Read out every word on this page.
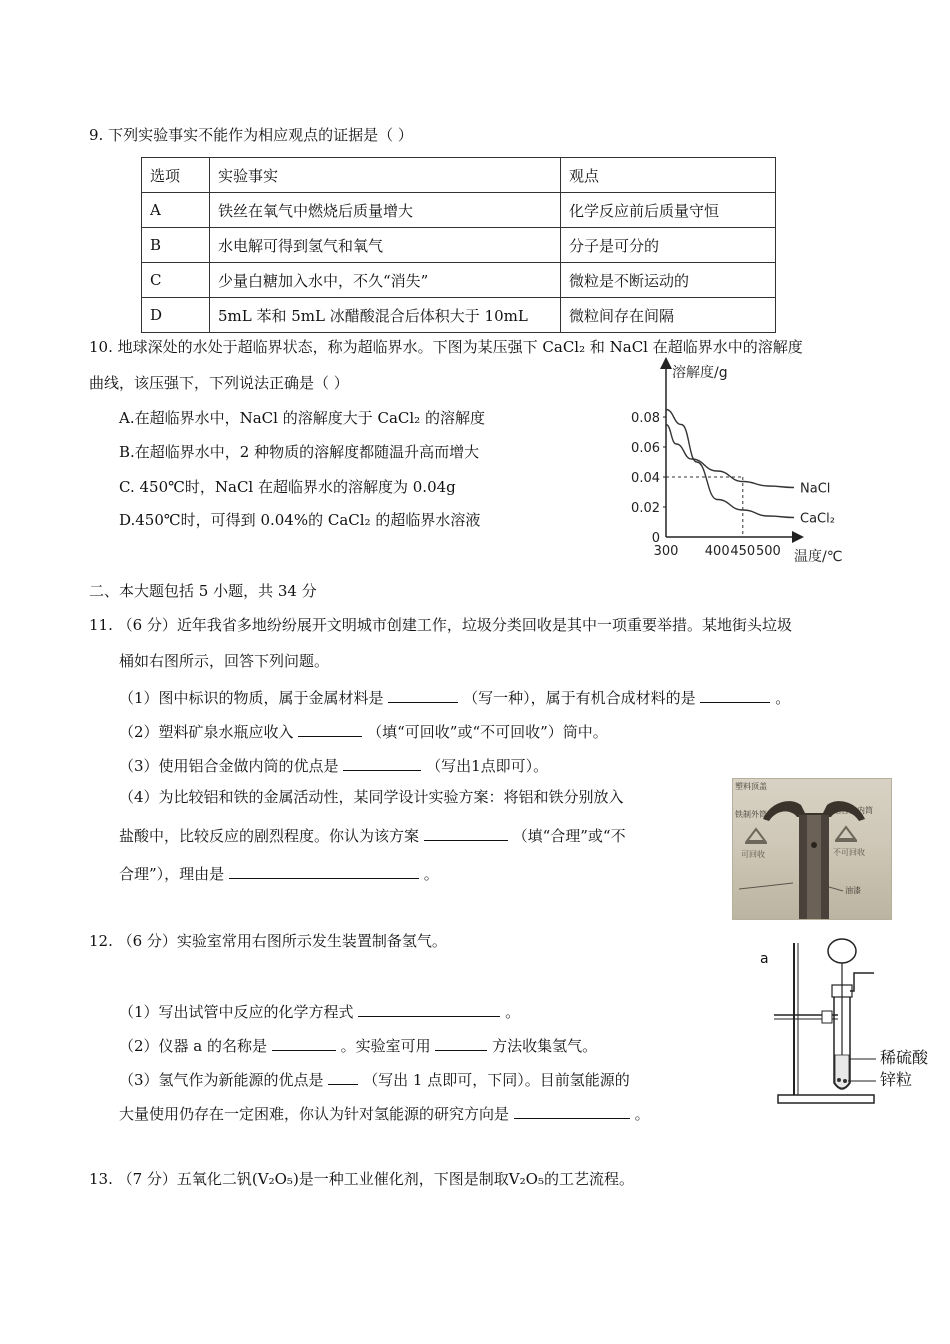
9. 下列实验事实不能作为相应观点的证据是（ ）
选项	实验事实	观点
A	铁丝在氧气中燃烧后质量增大	化学反应前后质量守恒
B	水电解可得到氢气和氧气	分子是可分的
C	少量白糖加入水中，不久“消失”	微粒是不断运动的
D	5mL 苯和 5mL 冰醋酸混合后体积大于 10mL	微粒间存在间隔
10. 地球深处的水处于超临界状态，称为超临界水。下图为某压强下 CaCl₂ 和 NaCl 在超临界水中的溶解度
曲线，该压强下，下列说法正确是（ ）
A.在超临界水中，NaCl 的溶解度大于 CaCl₂ 的溶解度
B.在超临界水中，2 种物质的溶解度都随温升高而增大
C. 450℃时，NaCl 在超临界水的溶解度为 0.04g
D.450℃时，可得到 0.04%的 CaCl₂ 的超临界水溶液
溶解度/g
温度/℃
0
0.02
0.04
0.06
0.08
300 400 450 500
NaCl
CaCl₂
二、本大题包括 5 小题，共 34 分
11. （6 分）近年我省多地纷纷展开文明城市创建工作，垃圾分类回收是其中一项重要举措。某地街头垃圾
桶如右图所示，回答下列问题。
（1）图中标识的物质，属于金属材料是	（写一种），属于有机合成材料的是	。
（2）塑料矿泉水瓶应收入	（填“可回收”或“不可回收”）筒中。
（3）使用铝合金做内筒的优点是	（写出1点即可）。
（4）为比较铝和铁的金属活动性，某同学设计实验方案：将铝和铁分别放入
盐酸中，比较反应的剧烈程度。你认为该方案	（填“合理”或“不
合理”），理由是	。
塑料顶盖
铁制外筒	铝合金内筒
可回收	不可回收
油漆
12. （6 分）实验室常用右图所示发生装置制备氢气。
（1）写出试管中反应的化学方程式	。
（2）仪器 a 的名称是	。实验室可用	方法收集氢气。
（3）氢气作为新能源的优点是	（写出 1 点即可，下同）。目前氢能源的
大量使用仍存在一定困难，你认为针对氢能源的研究方向是	。
a
稀硫酸
锌粒
13. （7 分）五氧化二钒(V₂O₅)是一种工业催化剂，下图是制取V₂O₅的工艺流程。
